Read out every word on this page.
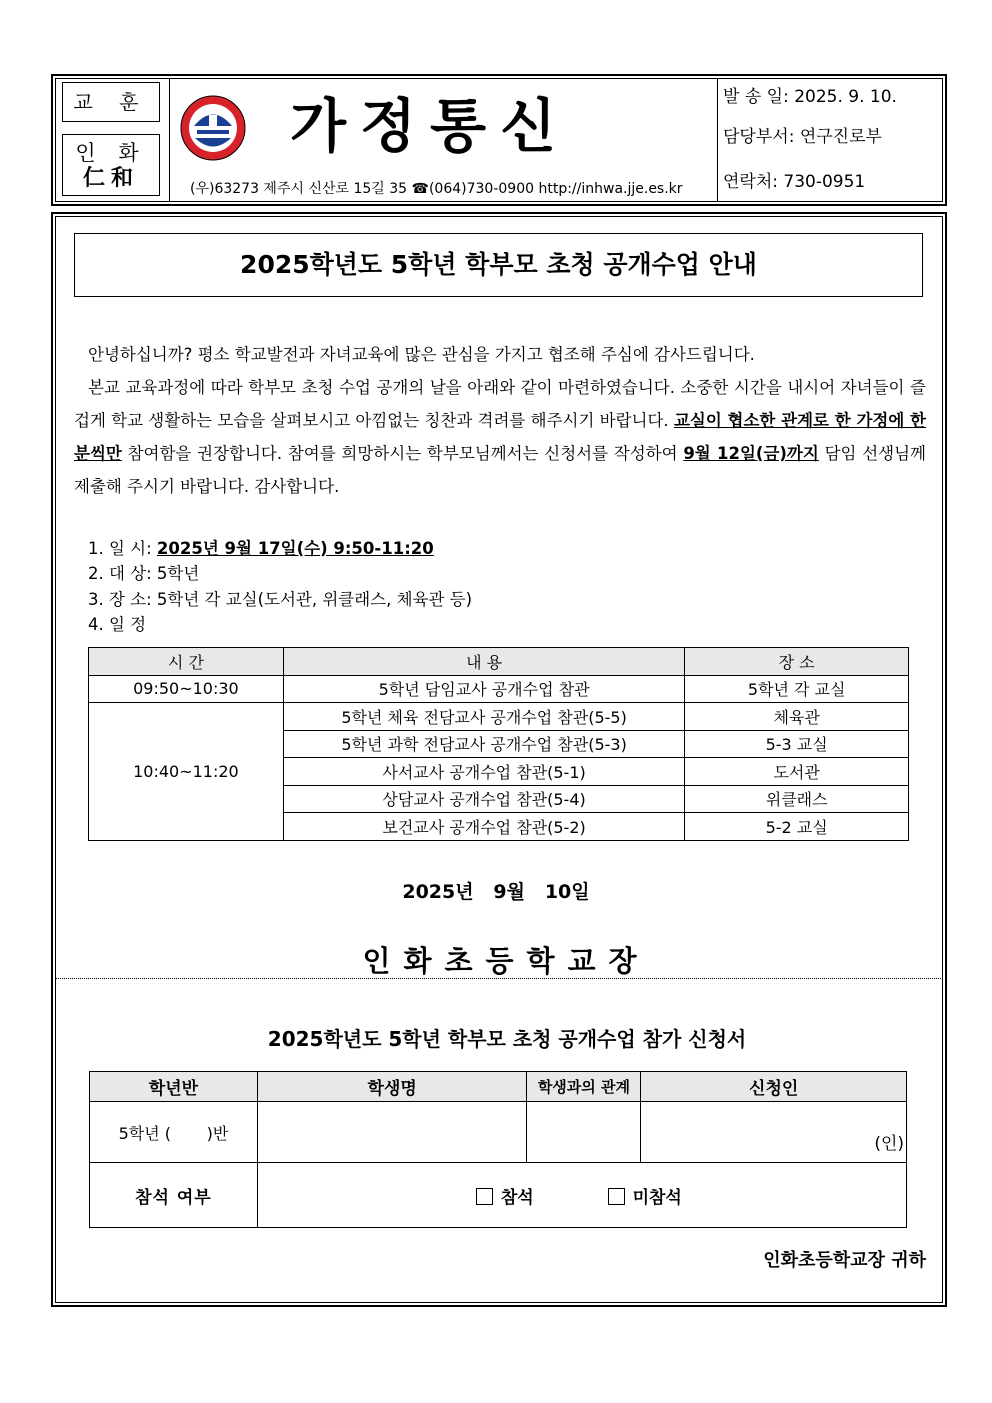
교 훈
인 화
仁和
가정통신
(우)63273 제주시 신산로 15길 35 ☎(064)730-0900 http://inhwa.jje.es.kr
발 송 일: 2025. 9. 10.
담당부서: 연구진로부
연락처: 730-0951
2025학년도 5학년 학부모 초청 공개수업 안내
안녕하십니까? 평소 학교발전과 자녀교육에 많은 관심을 가지고 협조해 주심에 감사드립니다.
본교 교육과정에 따라 학부모 초청 수업 공개의 날을 아래와 같이 마련하였습니다. 소중한 시간을 내시어 자녀들이 즐겁게 학교 생활하는 모습을 살펴보시고 아낌없는 칭찬과 격려를 해주시기 바랍니다. 교실이 협소한 관계로 한 가정에 한 분씩만 참여함을 권장합니다. 참여를 희망하시는 학부모님께서는 신청서를 작성하여 9월 12일(금)까지 담임 선생님께 제출해 주시기 바랍니다. 감사합니다.
1. 일 시: 2025년 9월 17일(수) 9:50-11:20
2. 대 상: 5학년
3. 장 소: 5학년 각 교실(도서관, 위클래스, 체육관 등)
4. 일 정
시 간	내 용	장 소
09:50~10:30	5학년 담임교사 공개수업 참관	5학년 각 교실
10:40~11:20	5학년 체육 전담교사 공개수업 참관(5-5)	체육관
	5학년 과학 전담교사 공개수업 참관(5-3)	5-3 교실
	사서교사 공개수업 참관(5-1)	도서관
	상담교사 공개수업 참관(5-4)	위클래스
	보건교사 공개수업 참관(5-2)	5-2 교실
2025년   9월   10일
인화초등학교장
2025학년도 5학년 학부모 초청 공개수업 참가 신청서
학년반	학생명	학생과의 관계	신청인
5학년 (       )반			(인)
참석 여부	참석 미참석		
인화초등학교장 귀하
